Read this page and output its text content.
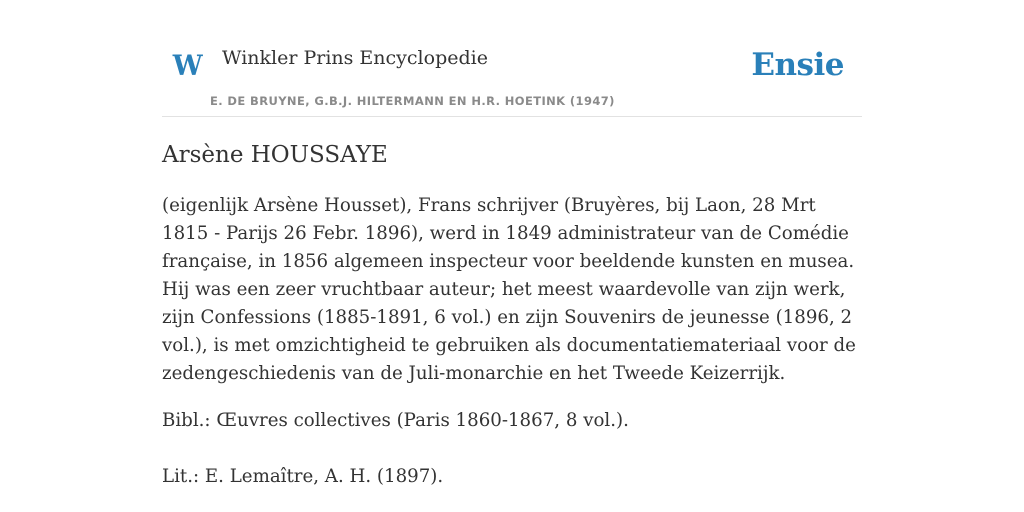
W Winkler Prins Encyclopedie
E. DE BRUYNE, G.B.J. HILTERMANN EN H.R. HOETINK (1947)
Ensie
Arsène HOUSSAYE

(eigenlijk Arsène Housset), Frans schrijver (Bruyères, bij Laon, 28 Mrt 1815 - Parijs 26 Febr. 1896), werd in 1849 administrateur van de Comédie française, in 1856 algemeen inspecteur voor beeldende kunsten en musea. Hij was een zeer vruchtbaar auteur; het meest waardevolle van zijn werk, zijn Confessions (1885-1891, 6 vol.) en zijn Souvenirs de jeunesse (1896, 2 vol.), is met omzichtigheid te gebruiken als documentatiemateriaal voor de zedengeschiedenis van de Juli-monarchie en het Tweede Keizerrijk.

Bibl.: Œuvres collectives (Paris 1860-1867, 8 vol.).
Lit.: E. Lemaître, A. H. (1897).
